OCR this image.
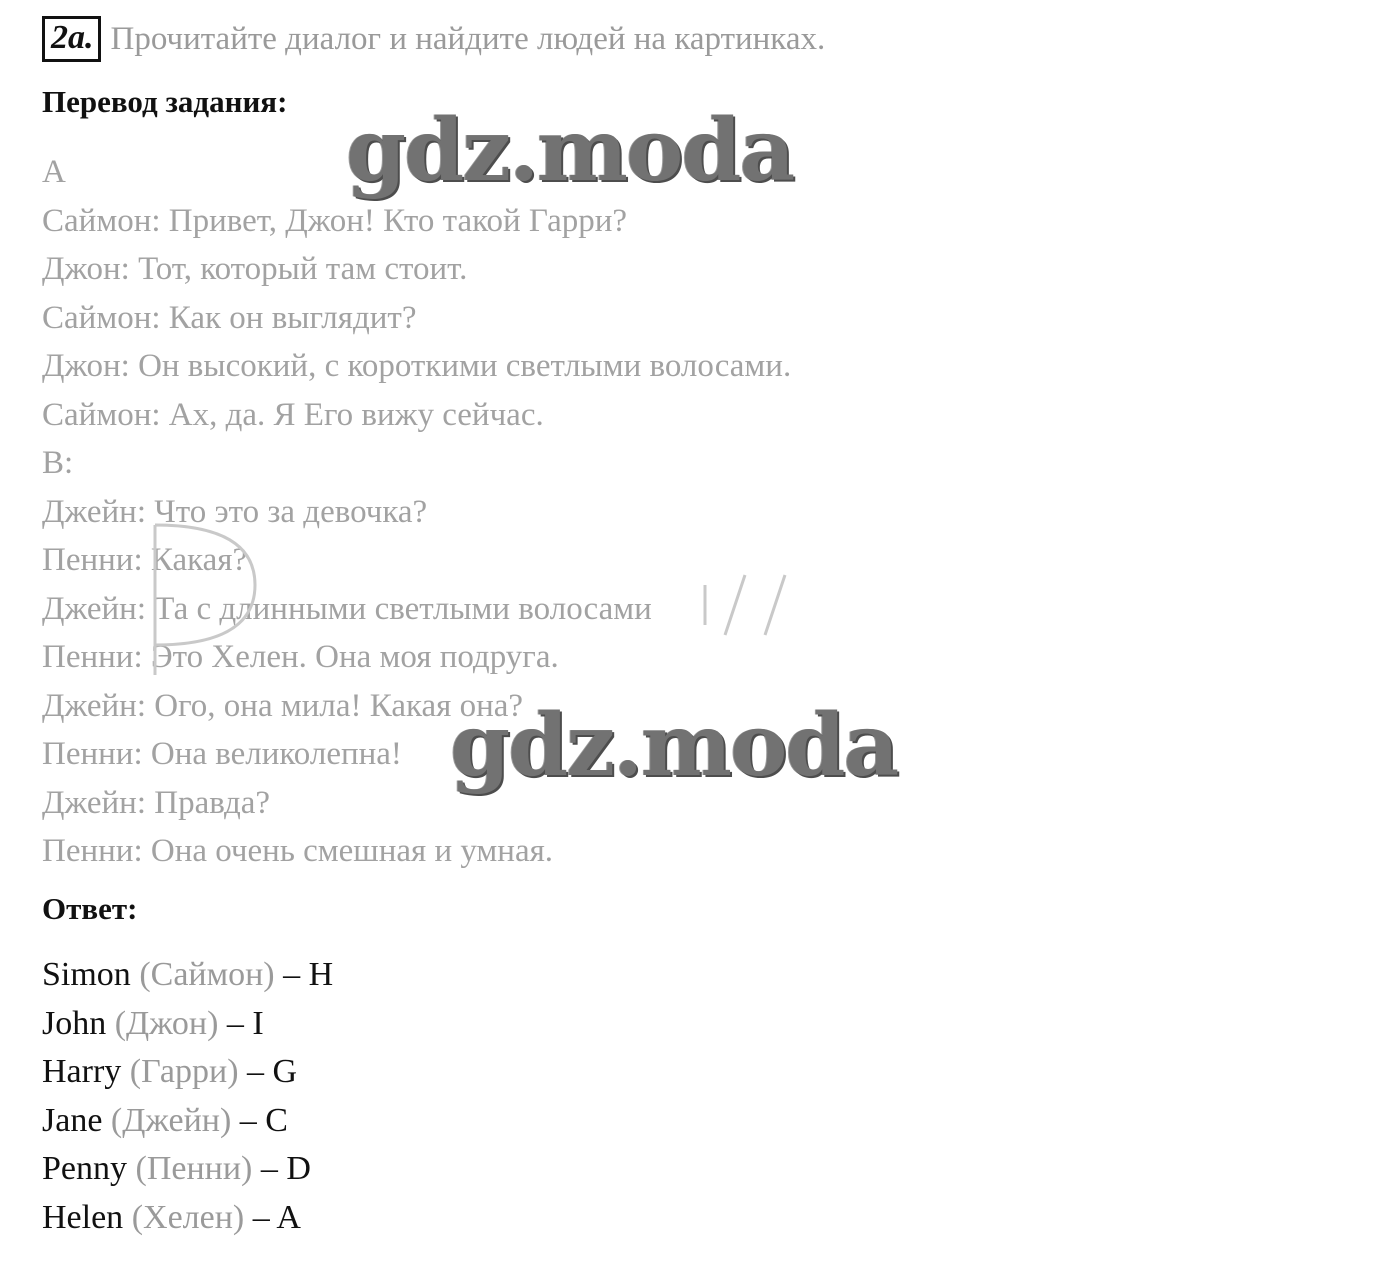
2a. Прочитайте диалог и найдите людей на картинках.
Перевод задания:
A
Саймон: Привет, Джон! Кто такой Гарри?
Джон: Тот, который там стоит.
Саймон: Как он выглядит?
Джон: Он высокий, с короткими светлыми волосами.
Саймон: Ах, да. Я Его вижу сейчас.
B:
Джейн: Что это за девочка?
Пенни: Какая?
Джейн: Та с длинными светлыми волосами
Пенни: Это Хелен. Она моя подруга.
Джейн: Ого, она мила! Какая она?
Пенни: Она великолепна!
Джейн: Правда?
Пенни: Она очень смешная и умная.
Ответ:
Simon (Саймон) – H
John (Джон) – I
Harry (Гарри) – G
Jane (Джейн) – C
Penny (Пенни) – D
Helen (Хелен) – A
gdz.moda
gdz.moda
